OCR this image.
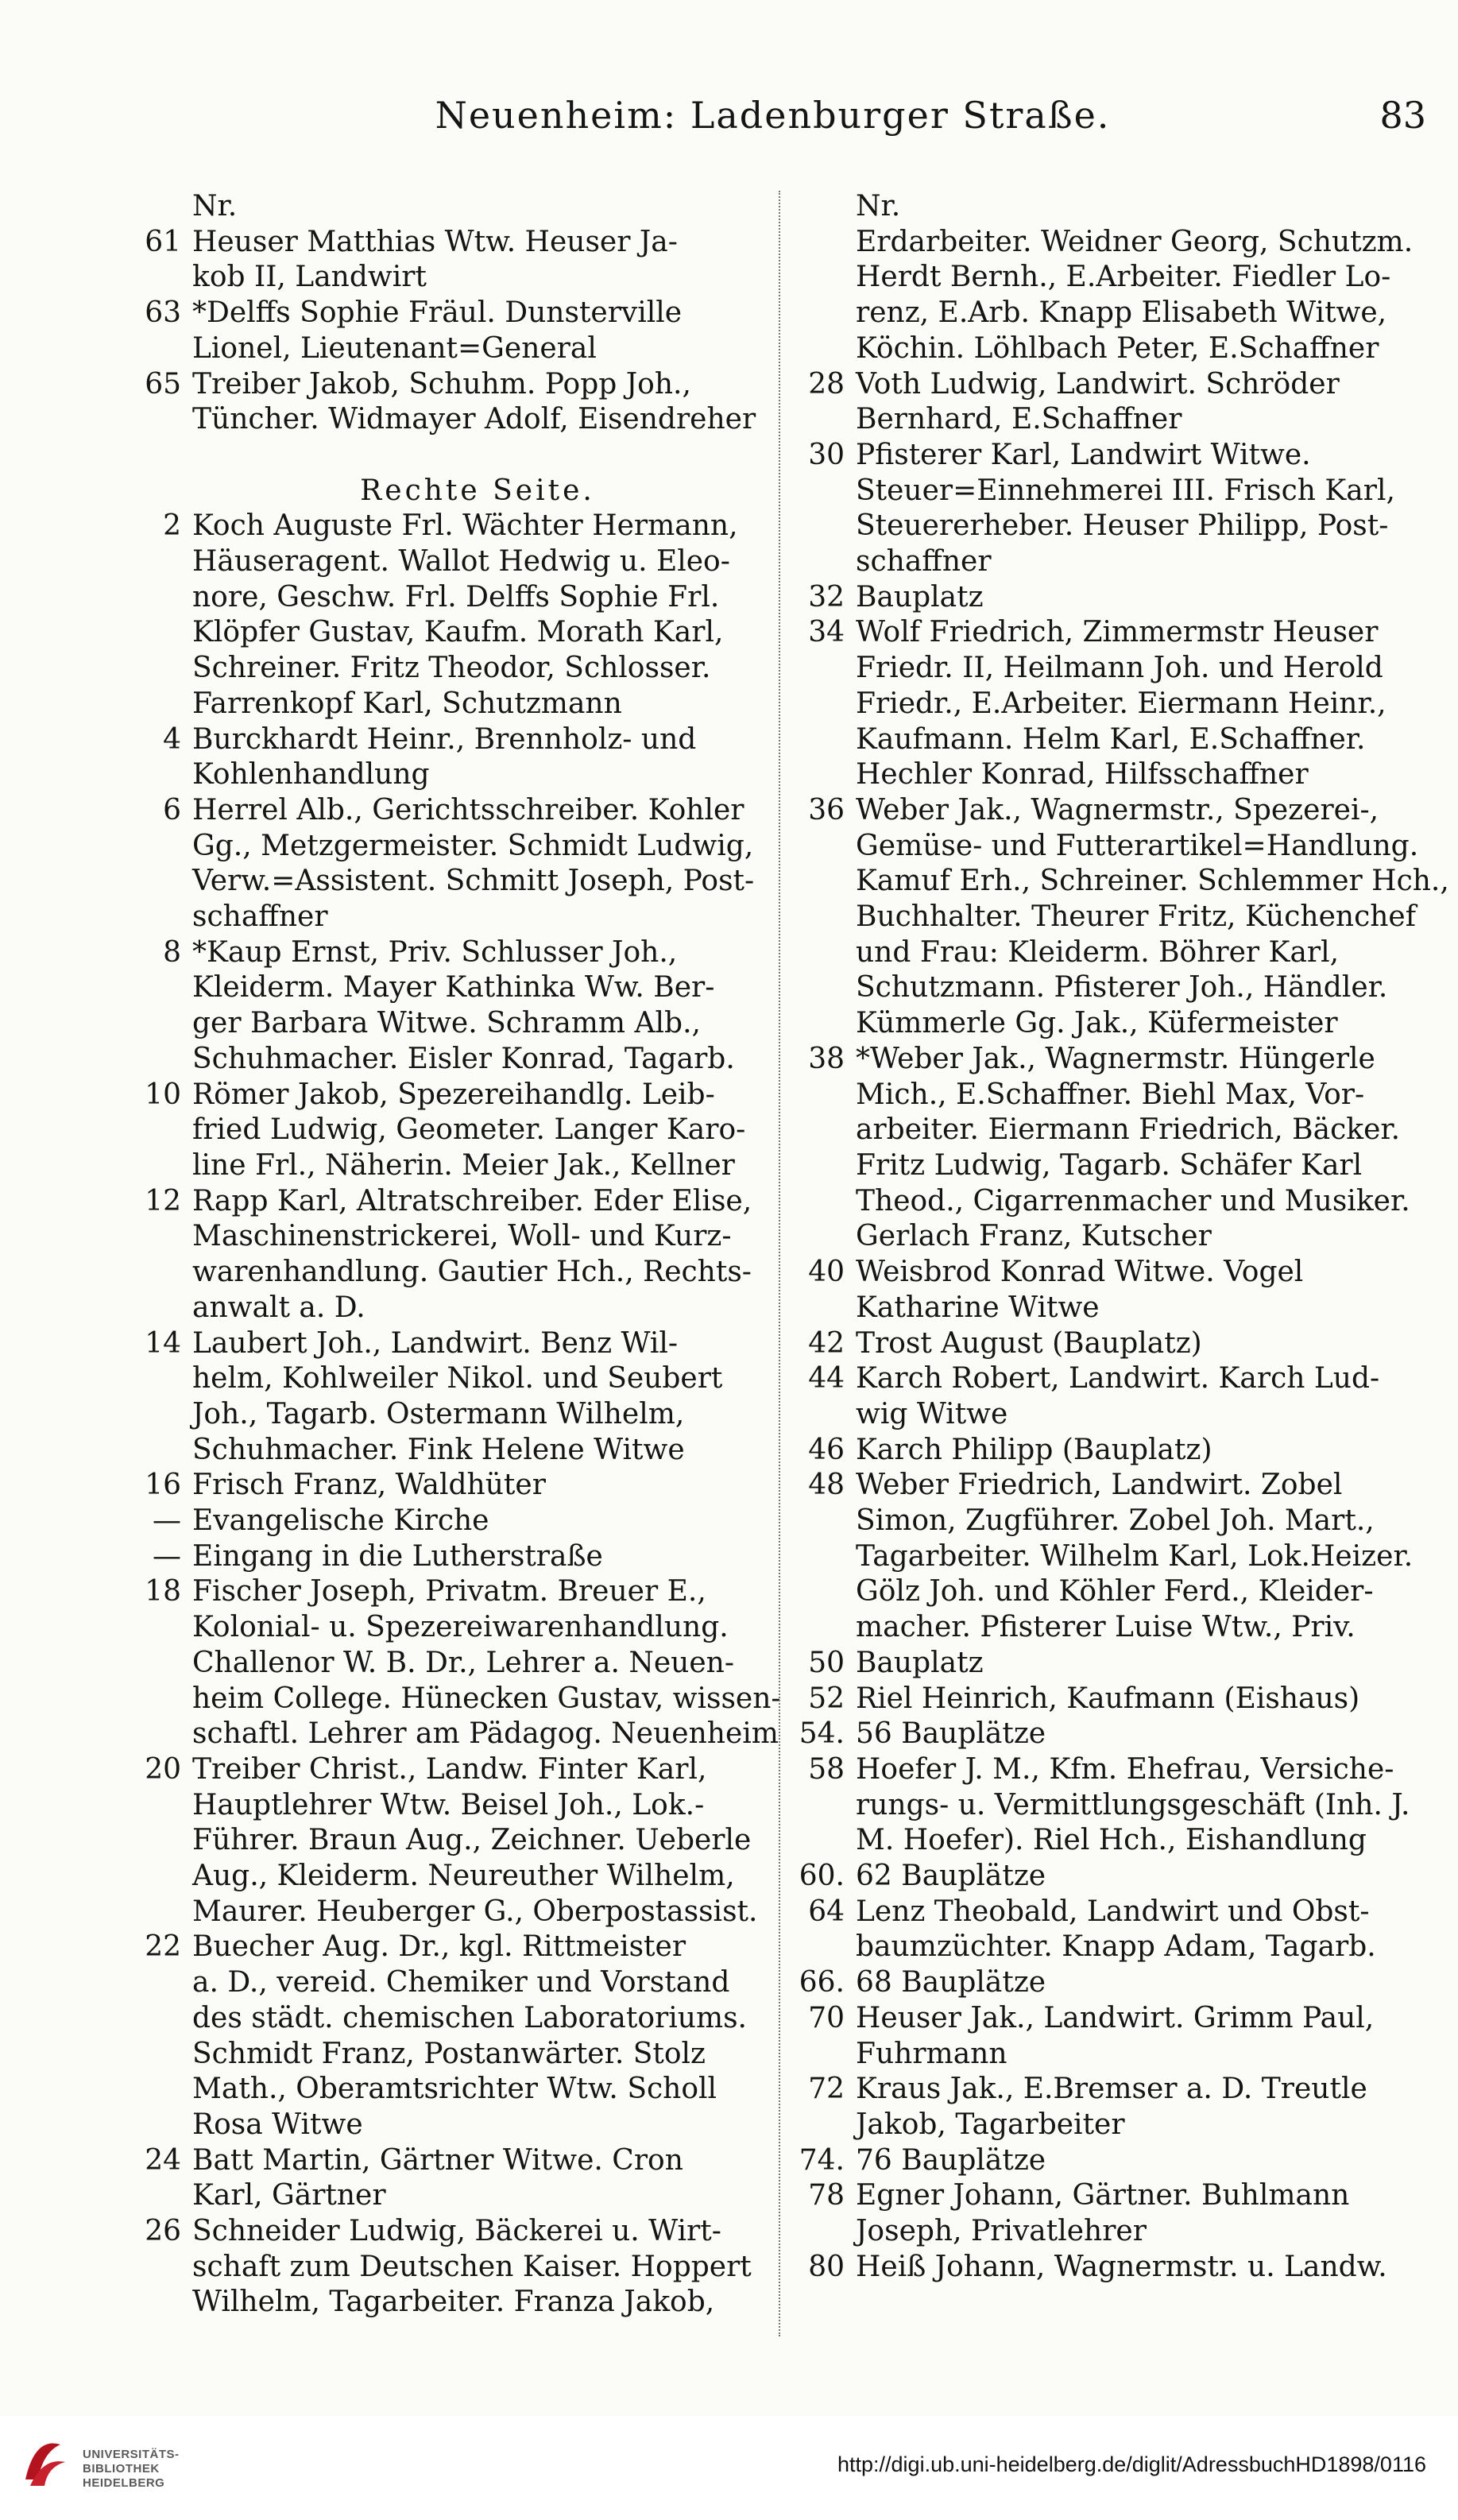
Neuenheim: Ladenburger Straße.	83
Nr.
61 Heuser Matthias Wtw. Heuser Ja-
kob II, Landwirt
63 *Delffs Sophie Fräul. Dunsterville
Lionel, Lieutenant=General
65 Treiber Jakob, Schuhm. Popp Joh.,
Tüncher. Widmayer Adolf, Eisendreher

Rechte Seite.
2 Koch Auguste Frl. Wächter Hermann,
Häuseragent. Wallot Hedwig u. Eleo-
nore, Geschw. Frl. Delffs Sophie Frl.
Klöpfer Gustav, Kaufm. Morath Karl,
Schreiner. Fritz Theodor, Schlosser.
Farrenkopf Karl, Schutzmann
4 Burckhardt Heinr., Brennholz- und
Kohlenhandlung
6 Herrel Alb., Gerichtsschreiber. Kohler
Gg., Metzgermeister. Schmidt Ludwig,
Verw.=Assistent. Schmitt Joseph, Post-
schaffner
8 *Kaup Ernst, Priv. Schlusser Joh.,
Kleiderm. Mayer Kathinka Ww. Ber-
ger Barbara Witwe. Schramm Alb.,
Schuhmacher. Eisler Konrad, Tagarb.
10 Römer Jakob, Spezereihandlg. Leib-
fried Ludwig, Geometer. Langer Karo-
line Frl., Näherin. Meier Jak., Kellner
12 Rapp Karl, Altratschreiber. Eder Elise,
Maschinenstrickerei, Woll- und Kurz-
warenhandlung. Gautier Hch., Rechts-
anwalt a. D.
14 Laubert Joh., Landwirt. Benz Wil-
helm, Kohlweiler Nikol. und Seubert
Joh., Tagarb. Ostermann Wilhelm,
Schuhmacher. Fink Helene Witwe
16 Frisch Franz, Waldhüter
— Evangelische Kirche
— Eingang in die Lutherstraße
18 Fischer Joseph, Privatm. Breuer E.,
Kolonial- u. Spezereiwarenhandlung.
Challenor W. B. Dr., Lehrer a. Neuen-
heim College. Hünecken Gustav, wissen-
schaftl. Lehrer am Pädagog. Neuenheim
20 Treiber Christ., Landw. Finter Karl,
Hauptlehrer Wtw. Beisel Joh., Lok.-
Führer. Braun Aug., Zeichner. Ueberle
Aug., Kleiderm. Neureuther Wilhelm,
Maurer. Heuberger G., Oberpostassist.
22 Buecher Aug. Dr., kgl. Rittmeister
a. D., vereid. Chemiker und Vorstand
des städt. chemischen Laboratoriums.
Schmidt Franz, Postanwärter. Stolz
Math., Oberamtsrichter Wtw. Scholl
Rosa Witwe
24 Batt Martin, Gärtner Witwe. Cron
Karl, Gärtner
26 Schneider Ludwig, Bäckerei u. Wirt-
schaft zum Deutschen Kaiser. Hoppert
Wilhelm, Tagarbeiter. Franza Jakob,
Nr.
Erdarbeiter. Weidner Georg, Schutzm.
Herdt Bernh., E.Arbeiter. Fiedler Lo-
renz, E.Arb. Knapp Elisabeth Witwe,
Köchin. Löhlbach Peter, E.Schaffner
28 Voth Ludwig, Landwirt. Schröder
Bernhard, E.Schaffner
30 Pfisterer Karl, Landwirt Witwe.
Steuer=Einnehmerei III. Frisch Karl,
Steuererheber. Heuser Philipp, Post-
schaffner
32 Bauplatz
34 Wolf Friedrich, Zimmermstr Heuser
Friedr. II, Heilmann Joh. und Herold
Friedr., E.Arbeiter. Eiermann Heinr.,
Kaufmann. Helm Karl, E.Schaffner.
Hechler Konrad, Hilfsschaffner
36 Weber Jak., Wagnermstr., Spezerei-,
Gemüse- und Futterartikel=Handlung.
Kamuf Erh., Schreiner. Schlemmer Hch.,
Buchhalter. Theurer Fritz, Küchenchef
und Frau: Kleiderm. Böhrer Karl,
Schutzmann. Pfisterer Joh., Händler.
Kümmerle Gg. Jak., Küfermeister
38 *Weber Jak., Wagnermstr. Hüngerle
Mich., E.Schaffner. Biehl Max, Vor-
arbeiter. Eiermann Friedrich, Bäcker.
Fritz Ludwig, Tagarb. Schäfer Karl
Theod., Cigarrenmacher und Musiker.
Gerlach Franz, Kutscher
40 Weisbrod Konrad Witwe. Vogel
Katharine Witwe
42 Trost August (Bauplatz)
44 Karch Robert, Landwirt. Karch Lud-
wig Witwe
46 Karch Philipp (Bauplatz)
48 Weber Friedrich, Landwirt. Zobel
Simon, Zugführer. Zobel Joh. Mart.,
Tagarbeiter. Wilhelm Karl, Lok.Heizer.
Gölz Joh. und Köhler Ferd., Kleider-
macher. Pfisterer Luise Wtw., Priv.
50 Bauplatz
52 Riel Heinrich, Kaufmann (Eishaus)
54. 56 Bauplätze
58 Hoefer J. M., Kfm. Ehefrau, Versiche-
rungs- u. Vermittlungsgeschäft (Inh. J.
M. Hoefer). Riel Hch., Eishandlung
60. 62 Bauplätze
64 Lenz Theobald, Landwirt und Obst-
baumzüchter. Knapp Adam, Tagarb.
66. 68 Bauplätze
70 Heuser Jak., Landwirt. Grimm Paul,
Fuhrmann
72 Kraus Jak., E.Bremser a. D. Treutle
Jakob, Tagarbeiter
74. 76 Bauplätze
78 Egner Johann, Gärtner. Buhlmann
Joseph, Privatlehrer
80 Heiß Johann, Wagnermstr. u. Landw.
UNIVERSITÄTS-
BIBLIOTHEK
HEIDELBERG
http://digi.ub.uni-heidelberg.de/diglit/AdressbuchHD1898/0116
